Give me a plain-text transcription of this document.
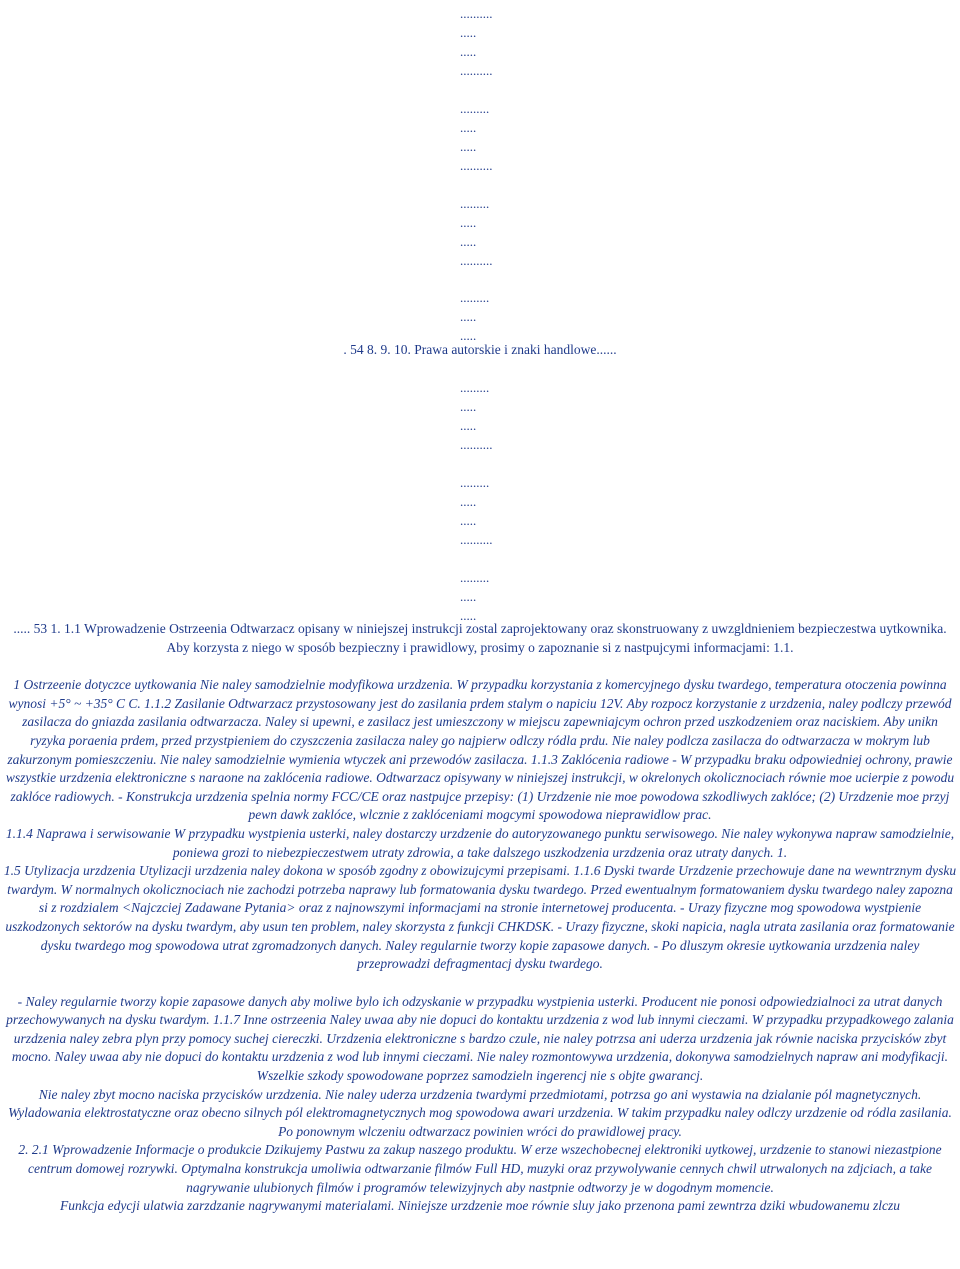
..........
.....
.....
..........
.........
.....
.....
..........
.........
.....
.....
..........
.........
.....
.....
. 54 8. 9. 10. Prawa autorskie i znaki handlowe......
.........
.....
.....
..........
.........
.....
.....
..........
.........
.....
.....

..... 53 1. 1.1 Wprowadzenie Ostrzeenia Odtwarzacz opisany w niniejszej instrukcji zostal zaprojektowany oraz skonstruowany z uwzgldnieniem bezpieczestwa uytkownika. Aby korzysta z niego w sposób bezpieczny i prawidlowy, prosimy o zapoznanie si z nastpujcymi informacjami: 1.1.

1 Ostrzeenie dotyczce uytkowania Nie naley samodzielnie modyfikowa urzdzenia. W przypadku korzystania z komercyjnego dysku twardego, temperatura otoczenia powinna wynosi +5° ~ +35° C C. 1.1.2 Zasilanie Odtwarzacz przystosowany jest do zasilania prdem stalym o napiciu 12V. Aby rozpocz korzystanie z urzdzenia, naley podlczy przewód zasilacza do gniazda zasilania odtwarzacza. Naley si upewni, e zasilacz jest umieszczony w miejscu zapewniajcym ochron przed uszkodzeniem oraz naciskiem. Aby unikn ryzyka poraenia prdem, przed przystpieniem do czyszczenia zasilacza naley go najpierw odlczy ródla prdu. Nie naley podlcza zasilacza do odtwarzacza w mokrym lub zakurzonym pomieszczeniu. Nie naley samodzielnie wymienia wtyczek ani przewodów zasilacza. 1.1.3 Zaklócenia radiowe - W przypadku braku odpowiedniej ochrony, prawie wszystkie urzdzenia elektroniczne s naraone na zaklócenia radiowe. Odtwarzacz opisywany w niniejszej instrukcji, w okrelonych okolicznociach równie moe ucierpie z powodu zaklóce radiowych. - Konstrukcja urzdzenia spelnia normy FCC/CE oraz nastpujce przepisy: (1) Urzdzenie nie moe powodowa szkodliwych zaklóce; (2) Urzdzenie moe przyj pewn dawk zaklóce, wlcznie z zaklóceniami mogcymi spowodowa nieprawidlow prac.

1.1.4 Naprawa i serwisowanie W przypadku wystpienia usterki, naley dostarczy urzdzenie do autoryzowanego punktu serwisowego. Nie naley wykonywa napraw samodzielnie, poniewa grozi to niebezpieczestwem utraty zdrowia, a take dalszego uszkodzenia urzdzenia oraz utraty danych. 1.

1.5 Utylizacja urzdzenia Utylizacji urzdzenia naley dokona w sposób zgodny z obowizujcymi przepisami. 1.1.6 Dyski twarde Urzdzenie przechowuje dane na wewntrznym dysku twardym. W normalnych okolicznociach nie zachodzi potrzeba naprawy lub formatowania dysku twardego. Przed ewentualnym formatowaniem dysku twardego naley zapozna si z rozdzialem <Najczciej Zadawane Pytania> oraz z najnowszymi informacjami na stronie internetowej producenta. - Urazy fizyczne mog spowodowa wystpienie uszkodzonych sektorów na dysku twardym, aby usun ten problem, naley skorzysta z funkcji CHKDSK. - Urazy fizyczne, skoki napicia, nagla utrata zasilania oraz formatowanie dysku twardego mog spowodowa utrat zgromadzonych danych. Naley regularnie tworzy kopie zapasowe danych. - Po dluszym okresie uytkowania urzdzenia naley przeprowadzi defragmentacj dysku twardego.

- Naley regularnie tworzy kopie zapasowe danych aby moliwe bylo ich odzyskanie w przypadku wystpienia usterki. Producent nie ponosi odpowiedzialnoci za utrat danych przechowywanych na dysku twardym. 1.1.7 Inne ostrzeenia Naley uwaa aby nie dopuci do kontaktu urzdzenia z wod lub innymi cieczami. W przypadku przypadkowego zalania urzdzenia naley zebra plyn przy pomocy suchej ciereczki. Urzdzenia elektroniczne s bardzo czule, nie naley potrzsa ani uderza urzdzenia jak równie naciska przycisków zbyt mocno. Naley uwaa aby nie dopuci do kontaktu urzdzenia z wod lub innymi cieczami. Nie naley rozmontowywa urzdzenia, dokonywa samodzielnych napraw ani modyfikacji. Wszelkie szkody spowodowane poprzez samodzieln ingerencj nie s objte gwarancj.

Nie naley zbyt mocno naciska przycisków urzdzenia. Nie naley uderza urzdzenia twardymi przedmiotami, potrzsa go ani wystawia na dzialanie pól magnetycznych. Wyladowania elektrostatyczne oraz obecno silnych pól elektromagnetycznych mog spowodowa awari urzdzenia. W takim przypadku naley odlczy urzdzenie od ródla zasilania. Po ponownym wlczeniu odtwarzacz powinien wróci do prawidlowej pracy.

2. 2.1 Wprowadzenie Informacje o produkcie Dzikujemy Pastwu za zakup naszego produktu. W erze wszechobecnej elektroniki uytkowej, urzdzenie to stanowi niezastpione centrum domowej rozrywki. Optymalna konstrukcja umoliwia odtwarzanie filmów Full HD, muzyki oraz przywolywanie cennych chwil utrwalonych na zdjciach, a take nagrywanie ulubionych filmów i programów telewizyjnych aby nastpnie odtworzy je w dogodnym momencie.

Funkcja edycji ulatwia zarzdzanie nagrywanymi materialami. Niniejsze urzdzenie moe równie sluy jako przenona pami zewntrza dziki wbudowanemu zlczu
